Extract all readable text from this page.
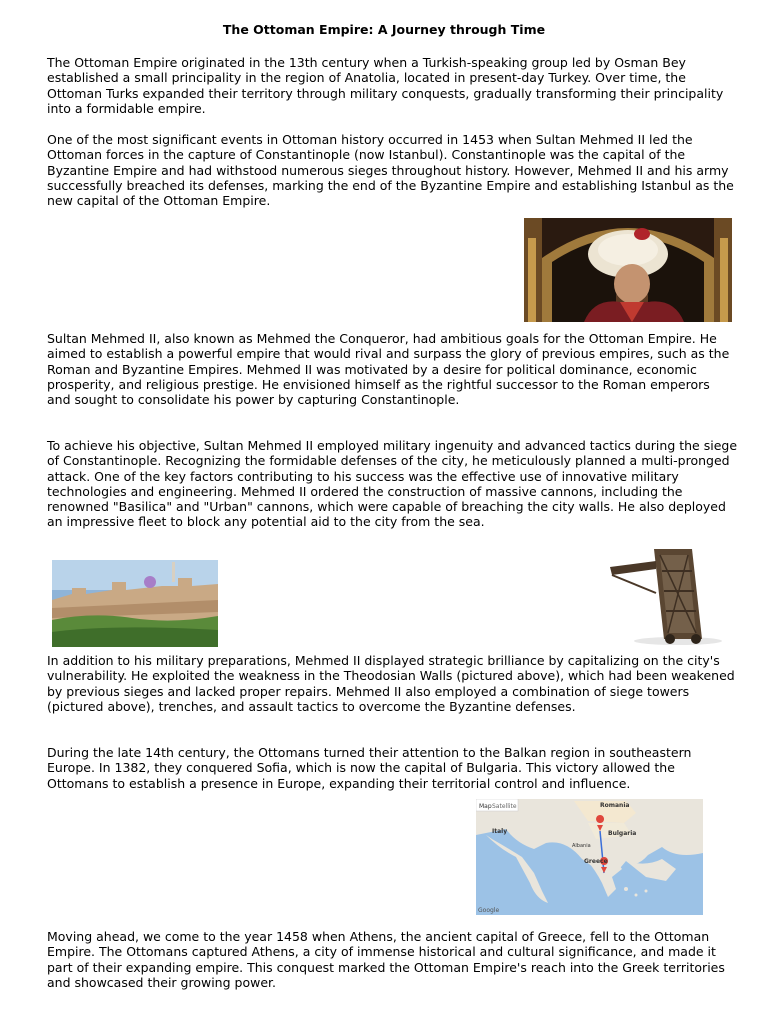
The Ottoman Empire: A Journey through Time

The Ottoman Empire originated in the 13th century when a Turkish-speaking group led by Osman Bey established a small principality in the region of Anatolia, located in present-day Turkey. Over time, the Ottoman Turks expanded their territory through military conquests, gradually transforming their principality into a formidable empire.

One of the most significant events in Ottoman history occurred in 1453 when Sultan Mehmed II led the Ottoman forces in the capture of Constantinople (now Istanbul). Constantinople was the capital of the Byzantine Empire and had withstood numerous sieges throughout history. However, Mehmed II and his army successfully breached its defenses, marking the end of the Byzantine Empire and establishing Istanbul as the new capital of the Ottoman Empire.

Sultan Mehmed II, also known as Mehmed the Conqueror, had ambitious goals for the Ottoman Empire. He aimed to establish a powerful empire that would rival and surpass the glory of previous empires, such as the Roman and Byzantine Empires. Mehmed II was motivated by a desire for political dominance, economic prosperity, and religious prestige. He envisioned himself as the rightful successor to the Roman emperors and sought to consolidate his power by capturing Constantinople.

To achieve his objective, Sultan Mehmed II employed military ingenuity and advanced tactics during the siege of Constantinople. Recognizing the formidable defenses of the city, he meticulously planned a multi-pronged attack. One of the key factors contributing to his success was the effective use of innovative military technologies and engineering. Mehmed II ordered the construction of massive cannons, including the renowned "Basilica" and "Urban" cannons, which were capable of breaching the city walls. He also deployed an impressive fleet to block any potential aid to the city from the sea.

In addition to his military preparations, Mehmed II displayed strategic brilliance by capitalizing on the city's vulnerability. He exploited the weakness in the Theodosian Walls (pictured above), which had been weakened by previous sieges and lacked proper repairs. Mehmed II also employed a combination of siege towers (pictured above), trenches, and assault tactics to overcome the Byzantine defenses.

During the late 14th century, the Ottomans turned their attention to the Balkan region in southeastern Europe. In 1382, they conquered Sofia, which is now the capital of Bulgaria. This victory allowed the Ottomans to establish a presence in Europe, expanding their territorial control and influence.

Map Satellite	Romania
Bulgaria
Italy
Albania
Greece
Google

Moving ahead, we come to the year 1458 when Athens, the ancient capital of Greece, fell to the Ottoman Empire. The Ottomans captured Athens, a city of immense historical and cultural significance, and made it part of their expanding empire. This conquest marked the Ottoman Empire's reach into the Greek territories and showcased their growing power.
